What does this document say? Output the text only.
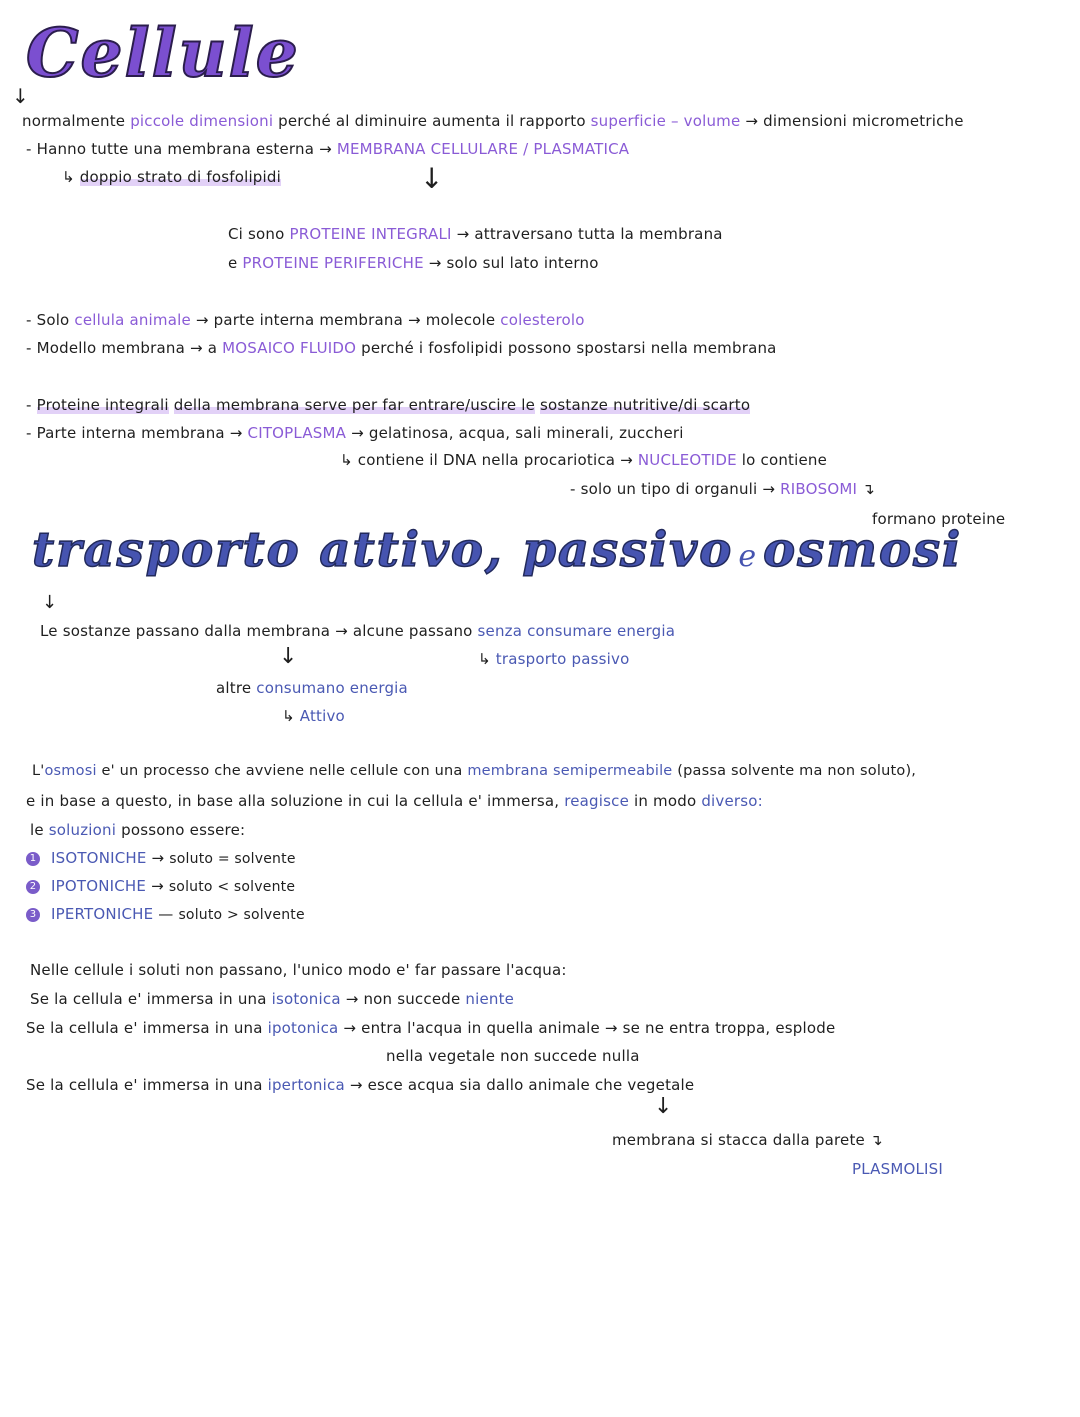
Cellule
↓
normalmente piccole dimensioni perché al diminuire aumenta il rapporto superficie – volume → dimensioni micrometriche
- Hanno tutte una membrana esterna → MEMBRANA CELLULARE / PLASMATICA
↳ doppio strato di fosfolipidi	↓
Ci sono PROTEINE INTEGRALI → attraversano tutta la membrana
e PROTEINE PERIFERICHE → solo sul lato interno
- Solo cellula animale → parte interna membrana → molecole colesterolo
- Modello membrana → a MOSAICO FLUIDO perché i fosfolipidi possono spostarsi nella membrana
- Proteine integrali della membrana serve per far entrare/uscire le sostanze nutritive/di scarto
- Parte interna membrana → CITOPLASMA → gelatinosa, acqua, sali minerali, zuccheri
↳ contiene il DNA nella procariotica → NUCLEOTIDE lo contiene
- solo un tipo di organuli → RIBOSOMI ↴
formano proteine
trasporto attivo, passivo e osmosi
↓
Le sostanze passano dalla membrana → alcune passano senza consumare energia
↳ trasporto passivo
↓
altre consumano energia
↳ Attivo
L'osmosi e' un processo che avviene nelle cellule con una membrana semipermeabile (passa solvente ma non soluto),
e in base a questo, in base alla soluzione in cui la cellula e' immersa, reagisce in modo diverso:
le soluzioni possono essere:
1 ISOTONICHE → soluto = solvente
2 IPOTONICHE → soluto < solvente
3 IPERTONICHE — soluto > solvente
Nelle cellule i soluti non passano, l'unico modo e' far passare l'acqua:
Se la cellula e' immersa in una isotonica → non succede niente
Se la cellula e' immersa in una ipotonica → entra l'acqua in quella animale → se ne entra troppa, esplode
nella vegetale non succede nulla
Se la cellula e' immersa in una ipertonica → esce acqua sia dallo animale che vegetale
↓
membrana si stacca dalla parete ↴
PLASMOLISI
